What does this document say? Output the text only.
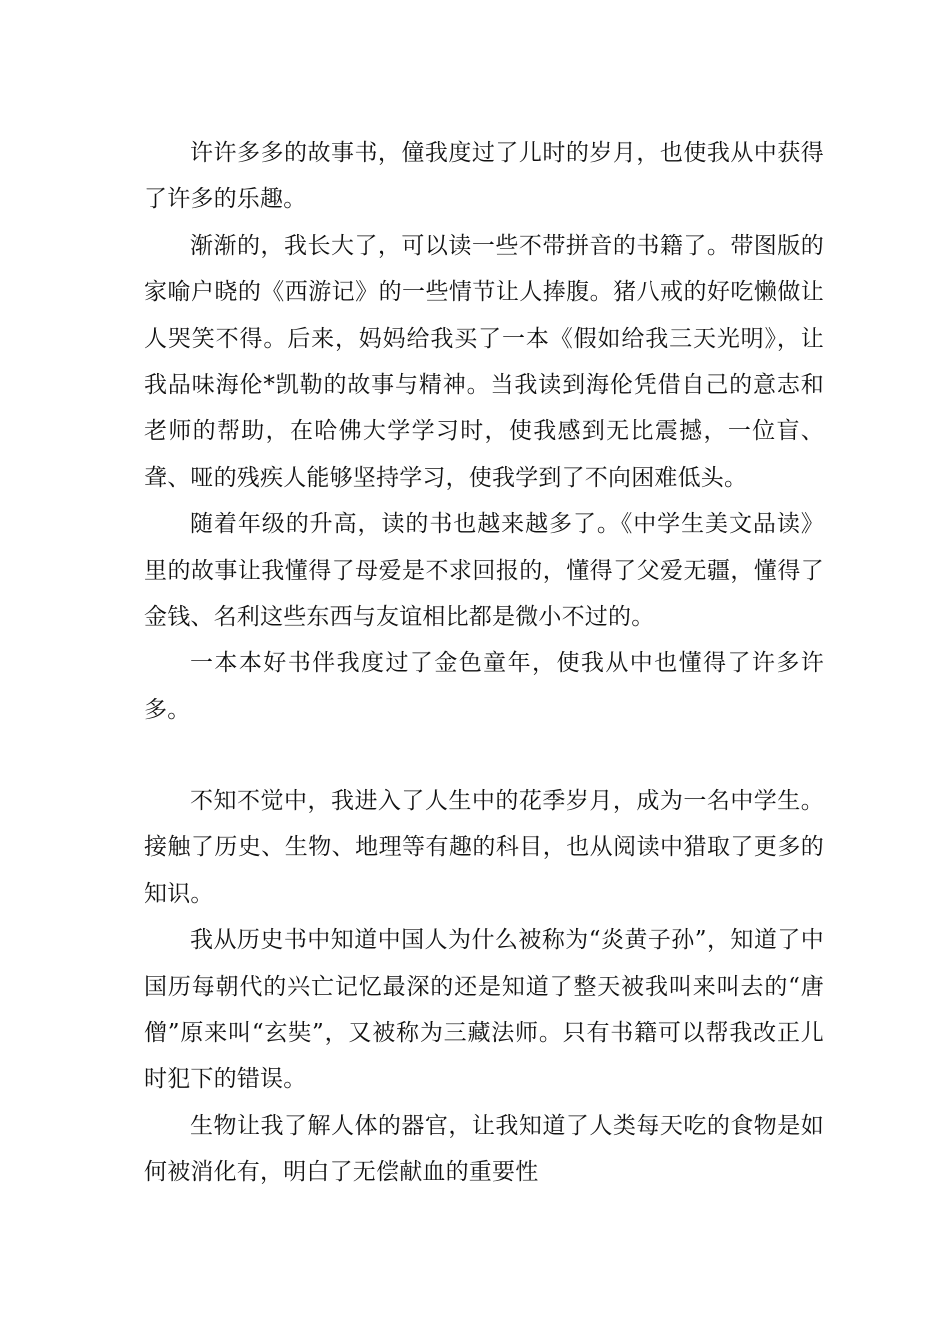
许许多多的故事书，僮我度过了儿时的岁月，也使我从中获得了许多的乐趣。

渐渐的，我长大了，可以读一些不带拼音的书籍了。带图版的家喻户晓的《西游记》的一些情节让人捧腹。猪八戒的好吃懒做让人哭笑不得。后来，妈妈给我买了一本《假如给我三天光明》，让我品味海伦*凯勒的故事与精神。当我读到海伦凭借自己的意志和老师的帮助，在哈佛大学学习时，使我感到无比震撼，一位盲、聋、哑的残疾人能够坚持学习，使我学到了不向困难低头。

随着年级的升高，读的书也越来越多了。《中学生美文品读》里的故事让我懂得了母爱是不求回报的，懂得了父爱无疆，懂得了金钱、名利这些东西与友谊相比都是微小不过的。

一本本好书伴我度过了金色童年，使我从中也懂得了许多许多。

不知不觉中，我进入了人生中的花季岁月，成为一名中学生。接触了历史、生物、地理等有趣的科目，也从阅读中猎取了更多的知识。

我从历史书中知道中国人为什么被称为“炎黄子孙”，知道了中国历每朝代的兴亡记忆最深的还是知道了整天被我叫来叫去的“唐僧”原来叫“玄奘”，又被称为三藏法师。只有书籍可以帮我改正儿时犯下的错误。

生物让我了解人体的器官，让我知道了人类每天吃的食物是如何被消化有，明白了无偿献血的重要性
